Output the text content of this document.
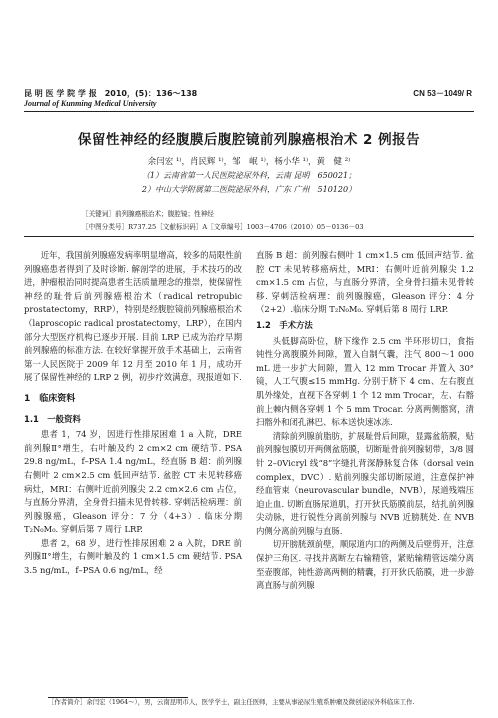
昆 明 医 学 院 学 报　2010，(5)：136～138
Journal of Kunming Medical University
CN 53－1049/ R
保留性神经的经腹膜后腹腔镜前列腺癌根治术 2 例报告
余闫宏 ¹⁾，肖民辉 ¹⁾，邹　岷 ¹⁾，杨小华 ¹⁾，黄　健 ²⁾
（1）云南省第一人民医院泌尿外科，云南 昆明　650021；
2）中山大学附属第二医院泌尿外科，广东 广州　510120）
［关键词］前列腺癌根治术；腹腔镜；性神经
［中图分类号］R737.25［文献标识码］A［文章编号］1003－4706（2010）05－0136－03

近年，我国前列腺癌发病率明显增高，较多的局限性前列腺癌患者得到了及时诊断. 解剖学的进展，手术技巧的改进，肿瘤根治同时提高患者生活质量理念的推崇，使保留性神经的耻骨后前列腺癌根治术（radical retropubic prostatectomy，RRP），特别是经腹腔镜前列腺癌根治术（laproscopic radical prostatectomy，LRP），在国内部分大型医疗机构已逐步开展. 目前 LRP 已成为治疗早期前列腺癌的标准方法. 在较好掌握开放手术基础上，云南省第一人民医院于 2009 年 12 月至 2010 年 1 月，成功开展了保留性神经的 LRP 2 例，初步疗效满意，现报道如下.

1　临床资料

1.1　一般资料

患者 1，74 岁，因进行性排尿困难 1 a 入院，DRE 前列腺Ⅱ°增生，右叶触及约 2 cm×2 cm 硬结节. PSA 29.8 ng/mL，f–PSA 1.4 ng/mL，经直肠 B 超：前列腺右侧叶 2 cm×2.5 cm 低回声结节. 盆腔 CT 未见转移癌病灶，MRI：右侧叶近前列腺尖 2.2 cm×2.6 cm 占位，与直肠分界清，全身骨扫描未见骨转移. 穿刺活检病理：前列腺腺癌，Gleason 评分：7 分（4+3）. 临床分期 T₂N₀M₀. 穿刺后第 7 周行 LRP.

患者 2，68 岁，进行性排尿困难 2 a 入院，DRE 前列腺Ⅱ°增生，右侧叶触及约 1 cm×1.5 cm 硬结节. PSA 3.5 ng/mL，f–PSA 0.6 ng/mL，经

直肠 B 超：前列腺右侧叶 1 cm×1.5 cm 低回声结节. 盆腔 CT 未见转移癌病灶，MRI：右侧叶近前列腺尖 1.2 cm×1.5 cm 占位，与直肠分界清，全身骨扫描未见骨转移. 穿刺活检病理：前列腺腺癌，Gleason 评分：4 分（2+2）.临床分期 T₂N₀M₀. 穿刺后第 8 周行 LRP.

1.2　手术方法

头低脚高卧位，脐下缘作 2.5 cm 半环形切口，食指钝性分离腹膜外间隙，置入自制气囊，注气 800～1 000 mL 进一步扩大间隙，置入 12 mm Trocar 并置入 30° 镜，人工气腹≤15 mmHg. 分别于脐下 4 cm、左右腹直肌外缘处，直视下各穿刺 1 个 12 mm Trocar，左、右髂前上棘内侧各穿刺 1 个 5 mm Trocar. 分离两侧髂窝，清扫髂外和闭孔淋巴、标本送快速冰冻.

清除前列腺前脂肪，扩展耻骨后间隙，显露盆筋膜，贴前列腺包膜切开两侧盆筋膜，切断耻骨前列腺韧带，3/8 圆针 2–0Vicryl 线“8”字缝扎背深静脉复合体（dorsal vein complex，DVC）. 贴前列腺尖部切断尿道，注意保护神经血管束（neurovascular bundle，NVB），尿道残端压迫止血. 切断直肠尿道肌，打开狄氏筋膜前层，结扎前列腺尖动脉，进行锐性分离前列腺与 NVB 近膀胱处. 在 NVB 内侧分离前列腺与直肠.

切开膀胱颈前壁，顺尿道内口的两侧及后壁剪开，注意保护三角区. 寻找并离断左右输精管，紧贴输精管远端分离至壶腹部，钝性游离两侧的精囊，打开狄氏筋膜，进一步游离直肠与前列腺

［作者简介］余闫宏（1964～），男，云南昆明市人，医学学士，副主任医师，主要从事泌尿生殖系肿瘤及微创泌尿外科临床工作.
